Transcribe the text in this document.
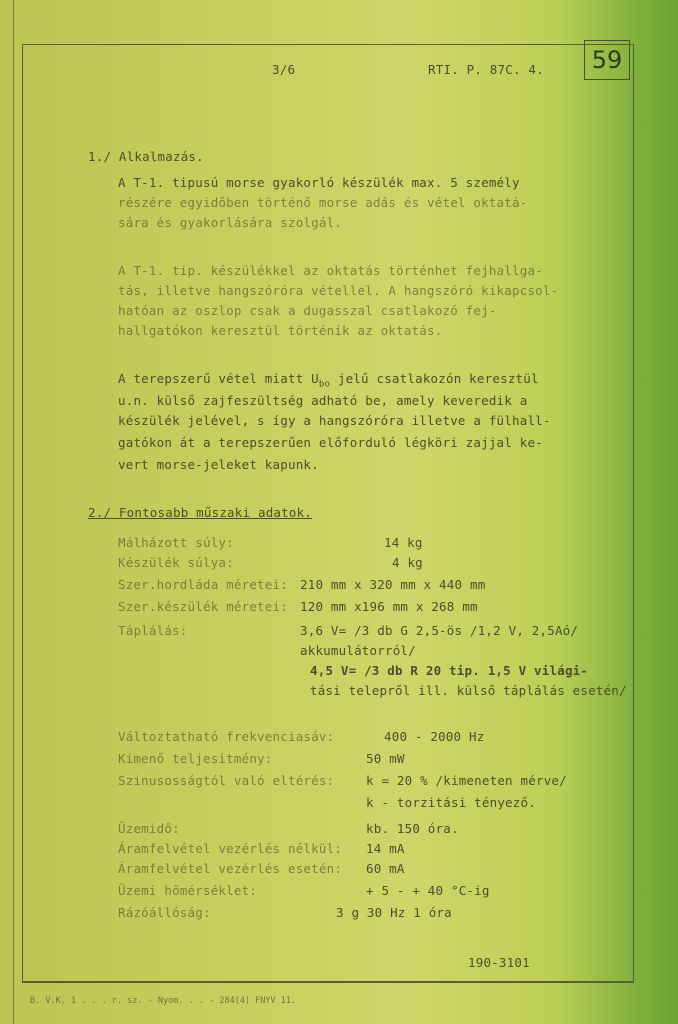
3/6	RTI. P. 87C. 4. 59
1./ Alkalmazás.
A T-1. tipusú morse gyakorló készülék max. 5 személy
részére egyidőben történő morse adás és vétel oktatá-
sára és gyakorlására szolgál.
A T-1. tip. készülékkel az oktatás történhet fejhallga-
tás, illetve hangszóróra vétellel. A hangszóró kikapcsol-
hatóan az oszlop csak a dugasszal csatlakozó fej-
hallgatókon keresztül történik az oktatás.
A terepszerű vétel miatt $U_{bo}$ jelű csatlakozón keresztül
u.n. külső zajfeszültség adható be, amely keveredik a
készülék jelével, s így a hangszóróra illetve a fülhall-
gatókon át a terepszerűen előforduló légköri zajjal ke-
vert morse-jeleket kapunk.
2./ Fontosabb műszaki adatok.
Málházott súly:	14 kg
Készülék súlya:	4 kg
Szer.hordláda méretei: 210 mm x 320 mm x 440 mm
Szer.készülék méretei: 120 mm x196 mm x 268 mm
Táplálás:	3,6 V= /3 db G 2,5-ös /1,2 V, 2,5Aó/
akkumulátorról/
4,5 V= /3 db R 20 tip. 1,5 V világi-
tási telepről ill. külső táplálás esetén/
Változtatható frekvenciasáv:	400 - 2000 Hz
Kimenő teljesitmény:	50 mW
Szinusosságtól való eltérés:	k = 20 % /kimeneten mérve/
k - torzitási tényező.
Üzemidő:	kb. 150 óra.
Áramfelvétel vezérlés nélkül: 14 mA
Áramfelvétel vezérlés esetén: 60 mA
Üzemi hőmérséklet:	+ 5 - + 40 °C-ig
Rázóállóság:	3 g 30 Hz 1 óra
190-3101
B. V.K. 1 . . . r. sz. - Nyom. . . - 284(4) FNYV 11.
